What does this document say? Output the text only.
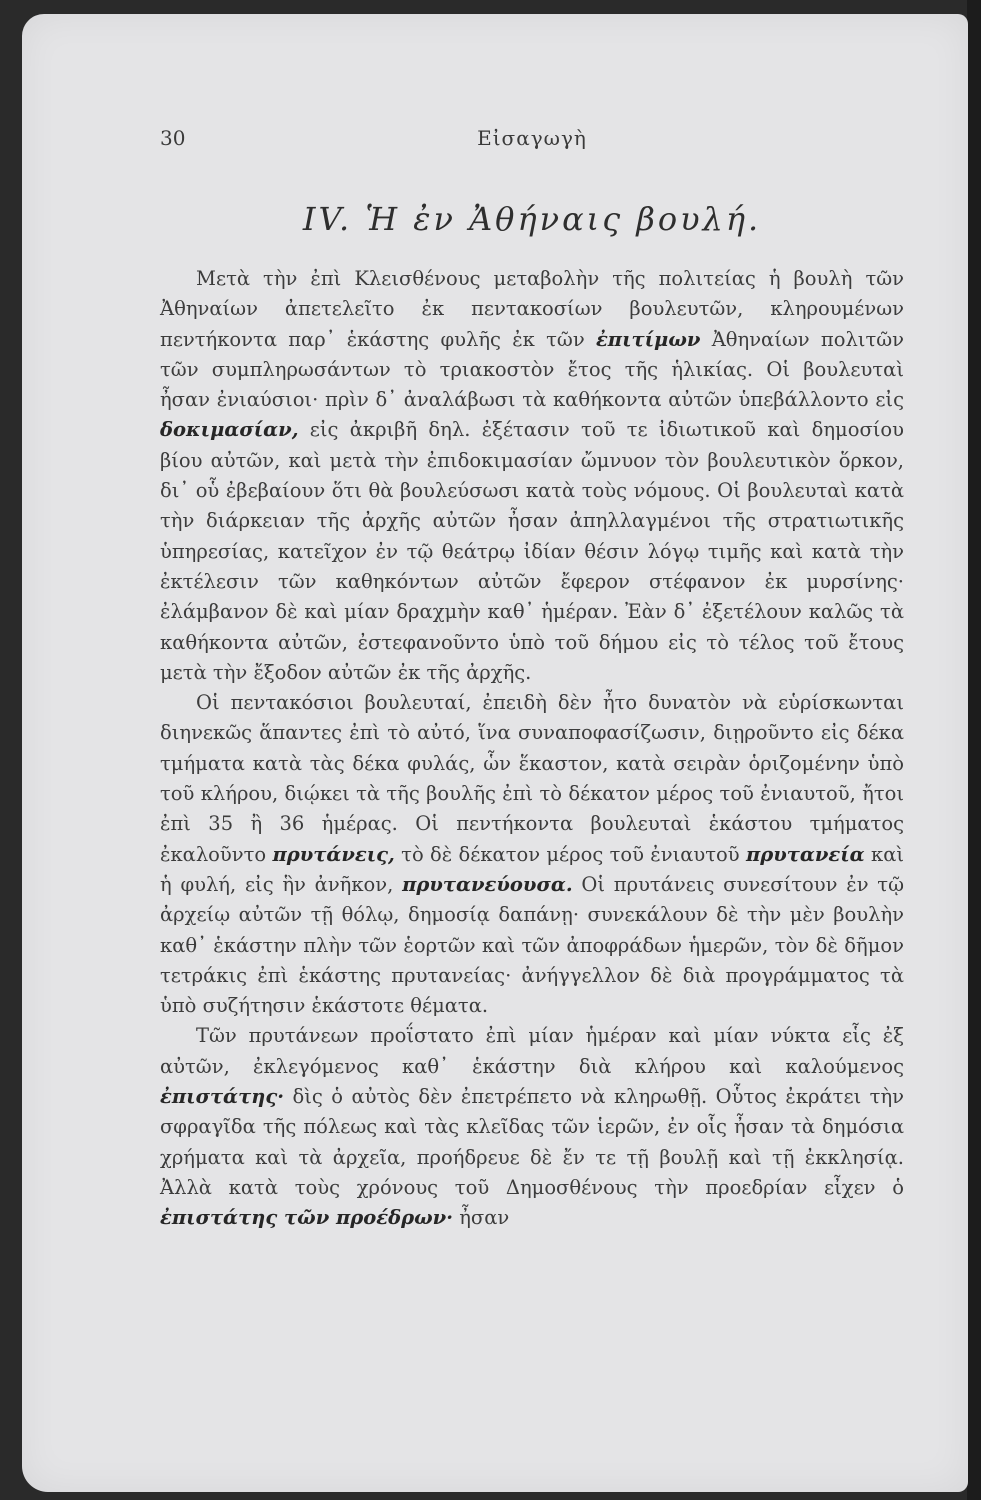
30	Εἰσαγωγὴ
IV. Ἡ ἐν Ἀθήναις βουλή.

Μετὰ τὴν ἐπὶ Κλεισθένους μεταβολὴν τῆς πολιτείας ἡ βουλὴ τῶν Ἀθηναίων ἀπετελεῖτο ἐκ πεντακοσίων βουλευτῶν, κληρουμένων πεντήκοντα παρ᾽ ἑκάστης φυλῆς ἐκ τῶν ἐπιτίμων Ἀθηναίων πολιτῶν τῶν συμπληρωσάντων τὸ τριακοστὸν ἔτος τῆς ἡλικίας. Οἱ βουλευταὶ ἦσαν ἐνιαύσιοι· πρὶν δ᾽ ἀναλάβωσι τὰ καθήκοντα αὐτῶν ὑπεβάλλοντο εἰς δοκιμασίαν, εἰς ἀκριβῆ δηλ. ἐξέτασιν τοῦ τε ἰδιωτικοῦ καὶ δημοσίου βίου αὐτῶν, καὶ μετὰ τὴν ἐπιδοκιμασίαν ὤμνυον τὸν βουλευτικὸν ὅρκον, δι᾽ οὗ ἐβεβαίουν ὅτι θὰ βουλεύσωσι κατὰ τοὺς νόμους. Οἱ βουλευταὶ κατὰ τὴν διάρκειαν τῆς ἀρχῆς αὐτῶν ἦσαν ἀπηλλαγμένοι τῆς στρατιωτικῆς ὑπηρεσίας, κατεῖχον ἐν τῷ θεάτρῳ ἰδίαν θέσιν λόγῳ τιμῆς καὶ κατὰ τὴν ἐκτέλεσιν τῶν καθηκόντων αὐτῶν ἔφερον στέφανον ἐκ μυρσίνης· ἐλάμβανον δὲ καὶ μίαν δραχμὴν καθ᾽ ἡμέραν. Ἐὰν δ᾽ ἐξετέλουν καλῶς τὰ καθήκοντα αὐτῶν, ἐστεφανοῦντο ὑπὸ τοῦ δήμου εἰς τὸ τέλος τοῦ ἔτους μετὰ τὴν ἔξοδον αὐτῶν ἐκ τῆς ἀρχῆς.

Οἱ πεντακόσιοι βουλευταί, ἐπειδὴ δὲν ἦτο δυνατὸν νὰ εὑρίσκωνται διηνεκῶς ἅπαντες ἐπὶ τὸ αὐτό, ἵνα συναποφασίζωσιν, διῃροῦντο εἰς δέκα τμήματα κατὰ τὰς δέκα φυλάς, ὧν ἕκαστον, κατὰ σειρὰν ὁριζομένην ὑπὸ τοῦ κλήρου, διῴκει τὰ τῆς βουλῆς ἐπὶ τὸ δέκατον μέρος τοῦ ἐνιαυτοῦ, ἤτοι ἐπὶ 35 ἢ 36 ἡμέρας. Οἱ πεντήκοντα βουλευταὶ ἑκάστου τμήματος ἐκαλοῦντο πρυτάνεις, τὸ δὲ δέκατον μέρος τοῦ ἐνιαυτοῦ πρυτανεία καὶ ἡ φυλή, εἰς ἣν ἀνῆκον, πρυτανεύουσα. Οἱ πρυτάνεις συνεσίτουν ἐν τῷ ἀρχείῳ αὐτῶν τῇ θόλῳ, δημοσίᾳ δαπάνῃ· συνεκάλουν δὲ τὴν μὲν βουλὴν καθ᾽ ἑκάστην πλὴν τῶν ἑορτῶν καὶ τῶν ἀποφράδων ἡμερῶν, τὸν δὲ δῆμον τετράκις ἐπὶ ἑκάστης πρυτανείας· ἀνήγγελλον δὲ διὰ προγράμματος τὰ ὑπὸ συζήτησιν ἑκάστοτε θέματα.

Τῶν πρυτάνεων προΐστατο ἐπὶ μίαν ἡμέραν καὶ μίαν νύκτα εἷς ἐξ αὐτῶν, ἐκλεγόμενος καθ᾽ ἑκάστην διὰ κλήρου καὶ καλούμενος ἐπιστάτης· δὶς ὁ αὐτὸς δὲν ἐπετρέπετο νὰ κληρωθῇ. Οὗτος ἐκράτει τὴν σφραγῖδα τῆς πόλεως καὶ τὰς κλεῖδας τῶν ἱερῶν, ἐν οἷς ἦσαν τὰ δημόσια χρήματα καὶ τὰ ἀρχεῖα, προήδρευε δὲ ἔν τε τῇ βουλῇ καὶ τῇ ἐκκλησίᾳ. Ἀλλὰ κατὰ τοὺς χρόνους τοῦ Δημοσθένους τὴν προεδρίαν εἶχεν ὁ ἐπιστάτης τῶν προέδρων· ἦσαν
